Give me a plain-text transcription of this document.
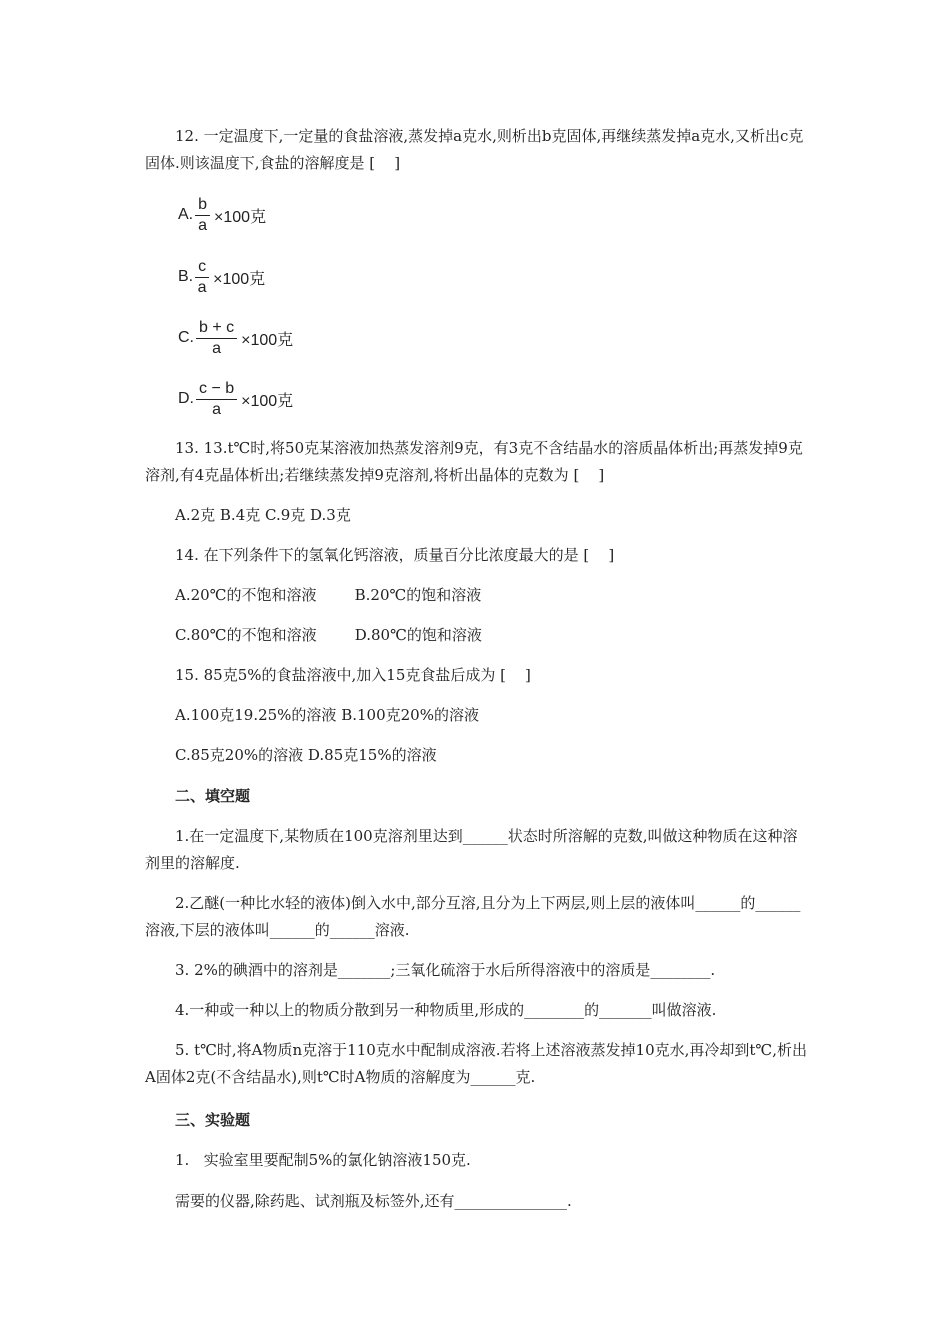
12. 一定温度下,一定量的食盐溶液,蒸发掉a克水,则析出b克固体,再继续蒸发掉a克水,又析出c克固体.则该温度下,食盐的溶解度是 [    ]
A. $\frac{b}{a} \times 100$克
B. $\frac{c}{a} \times 100$克
C. $\frac{b + c}{a} \times 100$克
D. $\frac{c - b}{a} \times 100$克
13. 13.t℃时,将50克某溶液加热蒸发溶剂9克，有3克不含结晶水的溶质晶体析出;再蒸发掉9克溶剂,有4克晶体析出;若继续蒸发掉9克溶剂,将析出晶体的克数为 [    ]
A.2克 B.4克 C.9克 D.3克
14. 在下列条件下的氢氧化钙溶液，质量百分比浓度最大的是 [    ]
A.20℃的不饱和溶液        B.20℃的饱和溶液
C.80℃的不饱和溶液        D.80℃的饱和溶液
15. 85克5%的食盐溶液中,加入15克食盐后成为 [    ]
A.100克19.25%的溶液 B.100克20%的溶液
C.85克20%的溶液 D.85克15%的溶液
二、填空题
1.在一定温度下,某物质在100克溶剂里达到______状态时所溶解的克数,叫做这种物质在这种溶剂里的溶解度.
2.乙醚(一种比水轻的液体)倒入水中,部分互溶,且分为上下两层,则上层的液体叫______的______溶液,下层的液体叫______的______溶液.
3. 2%的碘酒中的溶剂是_______;三氧化硫溶于水后所得溶液中的溶质是________.
4.一种或一种以上的物质分散到另一种物质里,形成的________的_______叫做溶液.
5. t℃时,将A物质n克溶于110克水中配制成溶液.若将上述溶液蒸发掉10克水,再冷却到t℃,析出A固体2克(不含结晶水),则t℃时A物质的溶解度为______克.
三、实验题
1.   实验室里要配制5%的氯化钠溶液150克.
需要的仪器,除药匙、试剂瓶及标签外,还有_______________.
